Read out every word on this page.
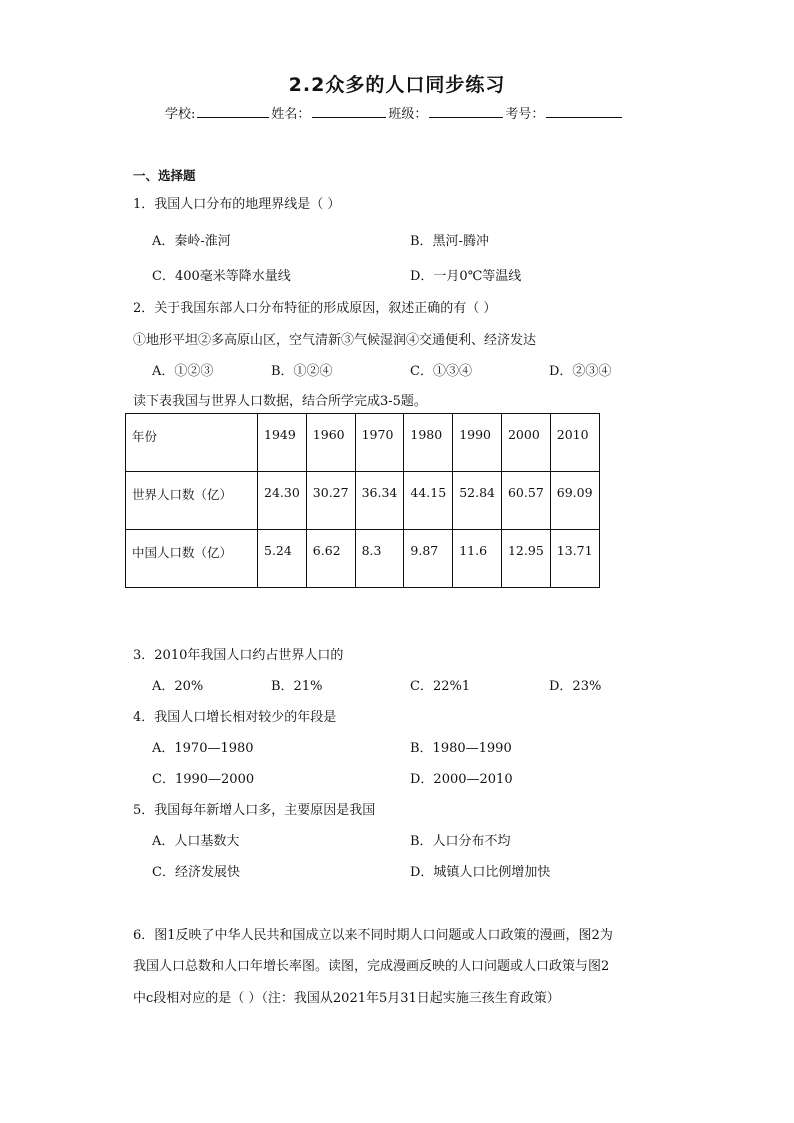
2.2众多的人口同步练习
学校:	姓名：	班级：	考号：
一、选择题
1．我国人口分布的地理界线是（ ）
A．秦岭-淮河	B．黑河-腾冲
C．400毫米等降水量线	D．一月0℃等温线
2．关于我国东部人口分布特征的形成原因，叙述正确的有（ ）
①地形平坦②多高原山区，空气清新③气候湿润④交通便利、经济发达
A．①②③	B．①②④	C．①③④	D．②③④
读下表我国与世界人口数据，结合所学完成3-5题。
年份	1949	1960	1970	1980	1990	2000	2010
世界人口数（亿）	24.30	30.27	36.34	44.15	52.84	60.57	69.09
中国人口数（亿）	5.24	6.62	8.3	9.87	11.6	12.95	13.71
3．2010年我国人口约占世界人口的
A．20%	B．21%	C．22%1	D．23%
4．我国人口增长相对较少的年段是
A．1970—1980	B．1980—1990
C．1990—2000	D．2000—2010
5．我国每年新增人口多，主要原因是我国
A．人口基数大	B．人口分布不均
C．经济发展快	D．城镇人口比例增加快
6．图1反映了中华人民共和国成立以来不同时期人口问题或人口政策的漫画，图2为
我国人口总数和人口年增长率图。读图，完成漫画反映的人口问题或人口政策与图2
中c段相对应的是（ ）（注：我国从2021年5月31日起实施三孩生育政策）
